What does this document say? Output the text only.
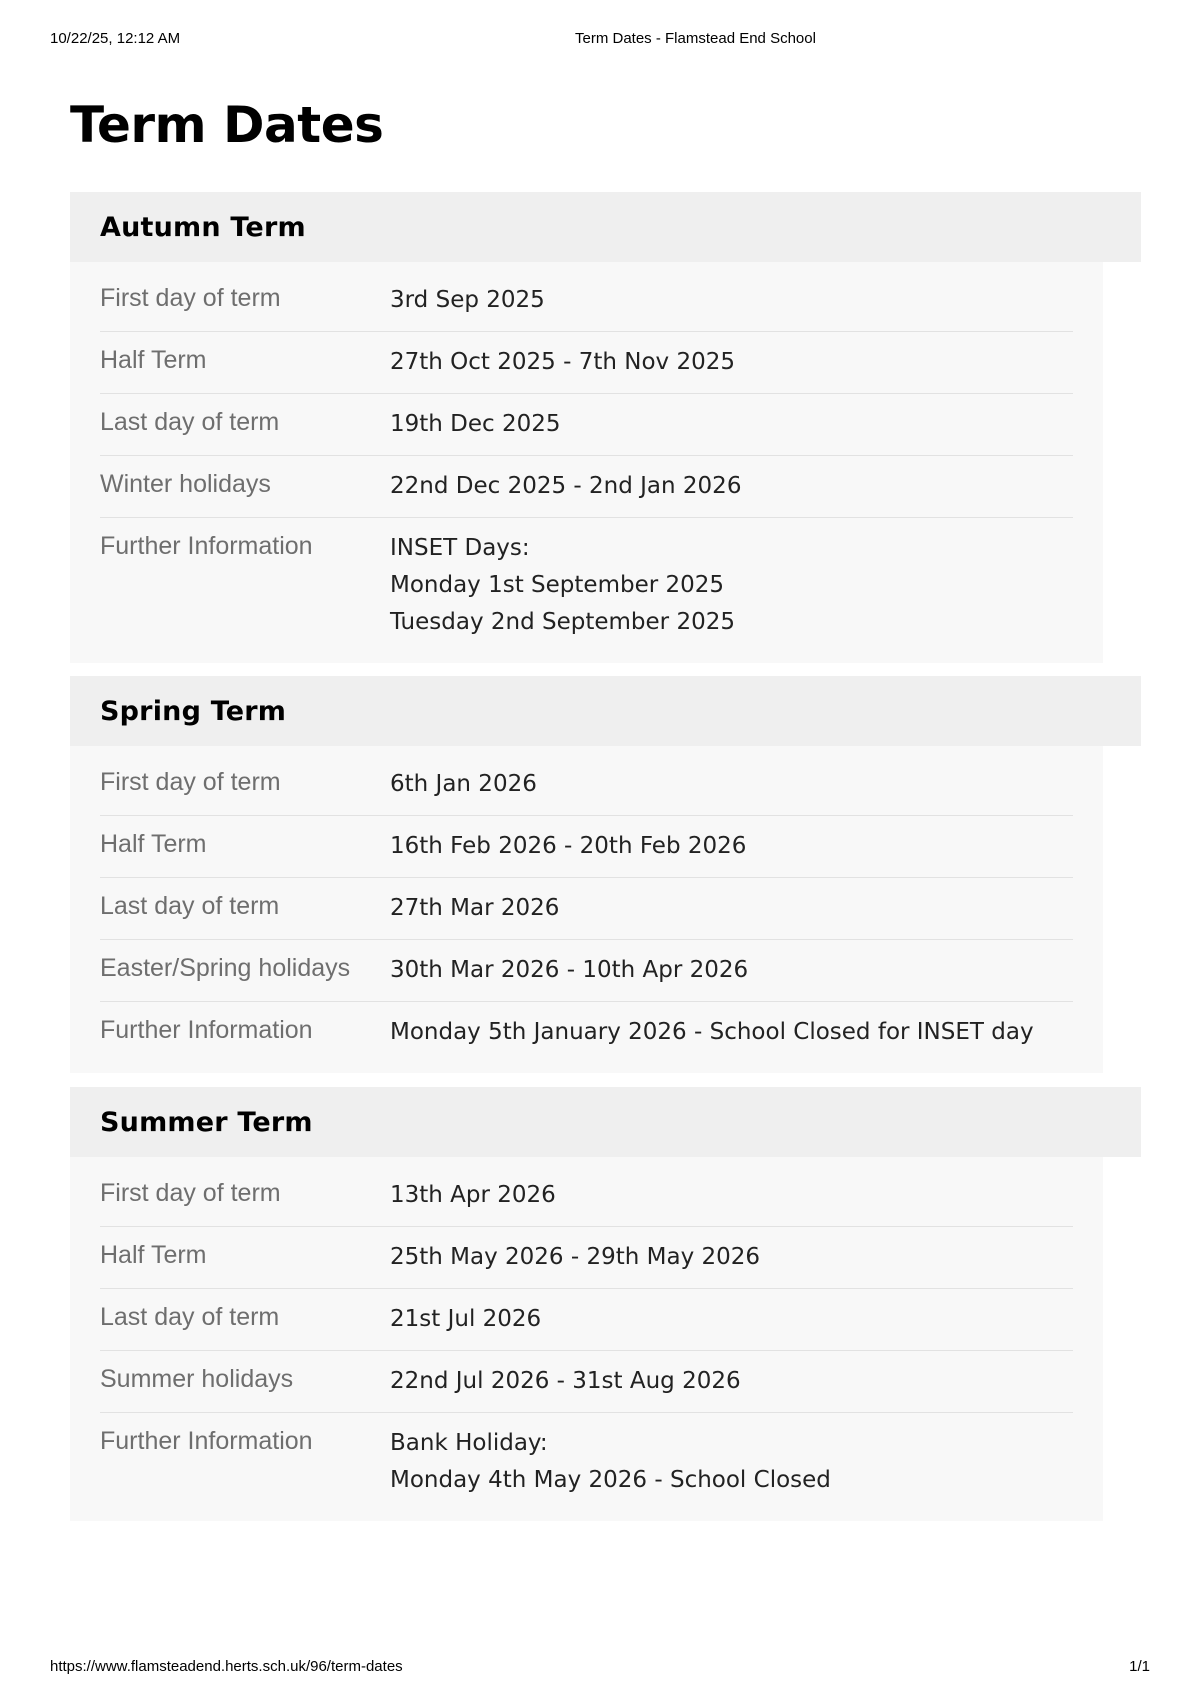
10/22/25, 12:12 AM	Term Dates - Flamstead End School
Term Dates
Autumn Term
First day of term	3rd Sep 2025
Half Term	27th Oct 2025 - 7th Nov 2025
Last day of term	19th Dec 2025
Winter holidays	22nd Dec 2025 - 2nd Jan 2026
Further Information	INSET Days:
Monday 1st September 2025
Tuesday 2nd September 2025
Spring Term
First day of term	6th Jan 2026
Half Term	16th Feb 2026 - 20th Feb 2026
Last day of term	27th Mar 2026
Easter/Spring holidays	30th Mar 2026 - 10th Apr 2026
Further Information	Monday 5th January 2026 - School Closed for INSET day
Summer Term
First day of term	13th Apr 2026
Half Term	25th May 2026 - 29th May 2026
Last day of term	21st Jul 2026
Summer holidays	22nd Jul 2026 - 31st Aug 2026
Further Information	Bank Holiday:
Monday 4th May 2026 - School Closed
https://www.flamsteadend.herts.sch.uk/96/term-dates	1/1
